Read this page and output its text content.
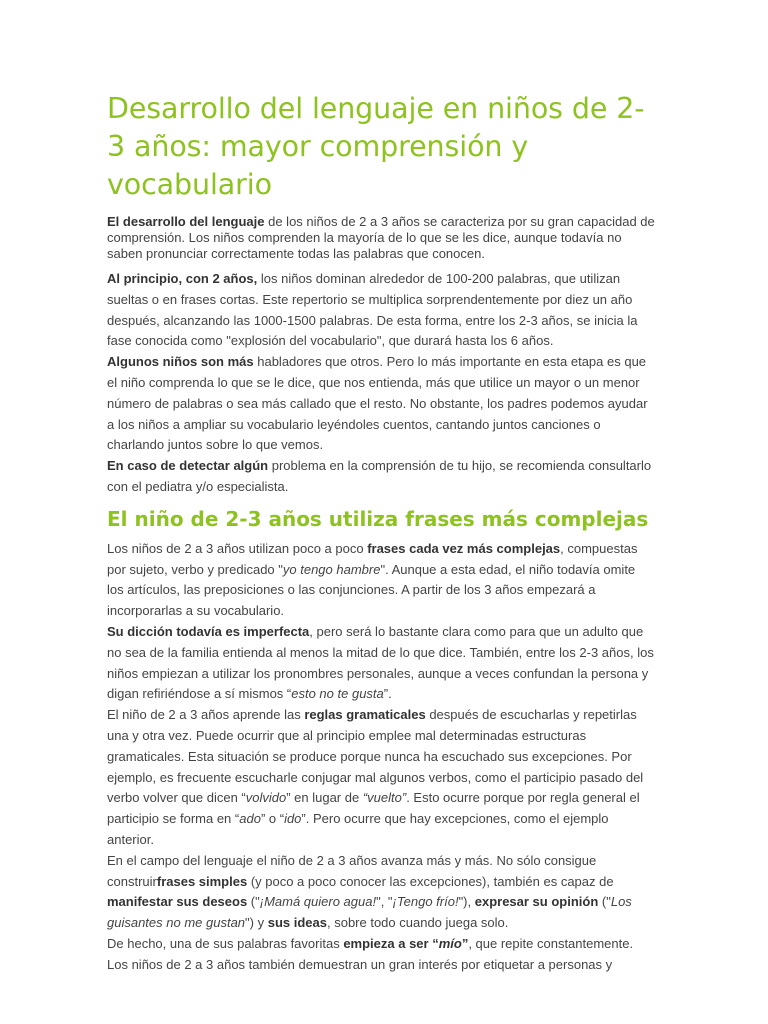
Desarrollo del lenguaje en niños de 2-3 años: mayor comprensión y vocabulario

El desarrollo del lenguaje de los niños de 2 a 3 años se caracteriza por su gran capacidad de comprensión. Los niños comprenden la mayoría de lo que se les dice, aunque todavía no saben pronunciar correctamente todas las palabras que conocen.

Al principio, con 2 años, los niños dominan alrededor de 100-200 palabras, que utilizan sueltas o en frases cortas. Este repertorio se multiplica sorprendentemente por diez un año después, alcanzando las 1000-1500 palabras. De esta forma, entre los 2-3 años, se inicia la fase conocida como "explosión del vocabulario", que durará hasta los 6 años.

Algunos niños son más habladores que otros. Pero lo más importante en esta etapa es que el niño comprenda lo que se le dice, que nos entienda, más que utilice un mayor o un menor número de palabras o sea más callado que el resto. No obstante, los padres podemos ayudar a los niños a ampliar su vocabulario leyéndoles cuentos, cantando juntos canciones o charlando juntos sobre lo que vemos.

En caso de detectar algún problema en la comprensión de tu hijo, se recomienda consultarlo con el pediatra y/o especialista.

El niño de 2-3 años utiliza frases más complejas

Los niños de 2 a 3 años utilizan poco a poco frases cada vez más complejas, compuestas por sujeto, verbo y predicado "yo tengo hambre". Aunque a esta edad, el niño todavía omite los artículos, las preposiciones o las conjunciones. A partir de los 3 años empezará a incorporarlas a su vocabulario.

Su dicción todavía es imperfecta, pero será lo bastante clara como para que un adulto que no sea de la familia entienda al menos la mitad de lo que dice. También, entre los 2-3 años, los niños empiezan a utilizar los pronombres personales, aunque a veces confundan la persona y digan refiriéndose a sí mismos “esto no te gusta”.

El niño de 2 a 3 años aprende las reglas gramaticales después de escucharlas y repetirlas una y otra vez. Puede ocurrir que al principio emplee mal determinadas estructuras gramaticales. Esta situación se produce porque nunca ha escuchado sus excepciones. Por ejemplo, es frecuente escucharle conjugar mal algunos verbos, como el participio pasado del verbo volver que dicen “volvido” en lugar de “vuelto”. Esto ocurre porque por regla general el participio se forma en “ado” o “ido”. Pero ocurre que hay excepciones, como el ejemplo anterior.

En el campo del lenguaje el niño de 2 a 3 años avanza más y más. No sólo consigue construirfrases simples (y poco a poco conocer las excepciones), también es capaz de manifestar sus deseos ("¡Mamá quiero agua!", "¡Tengo frío!"), expresar su opinión ("Los guisantes no me gustan") y sus ideas, sobre todo cuando juega solo.

De hecho, una de sus palabras favoritas empieza a ser “mío”, que repite constantemente.

Los niños de 2 a 3 años también demuestran un gran interés por etiquetar a personas y
